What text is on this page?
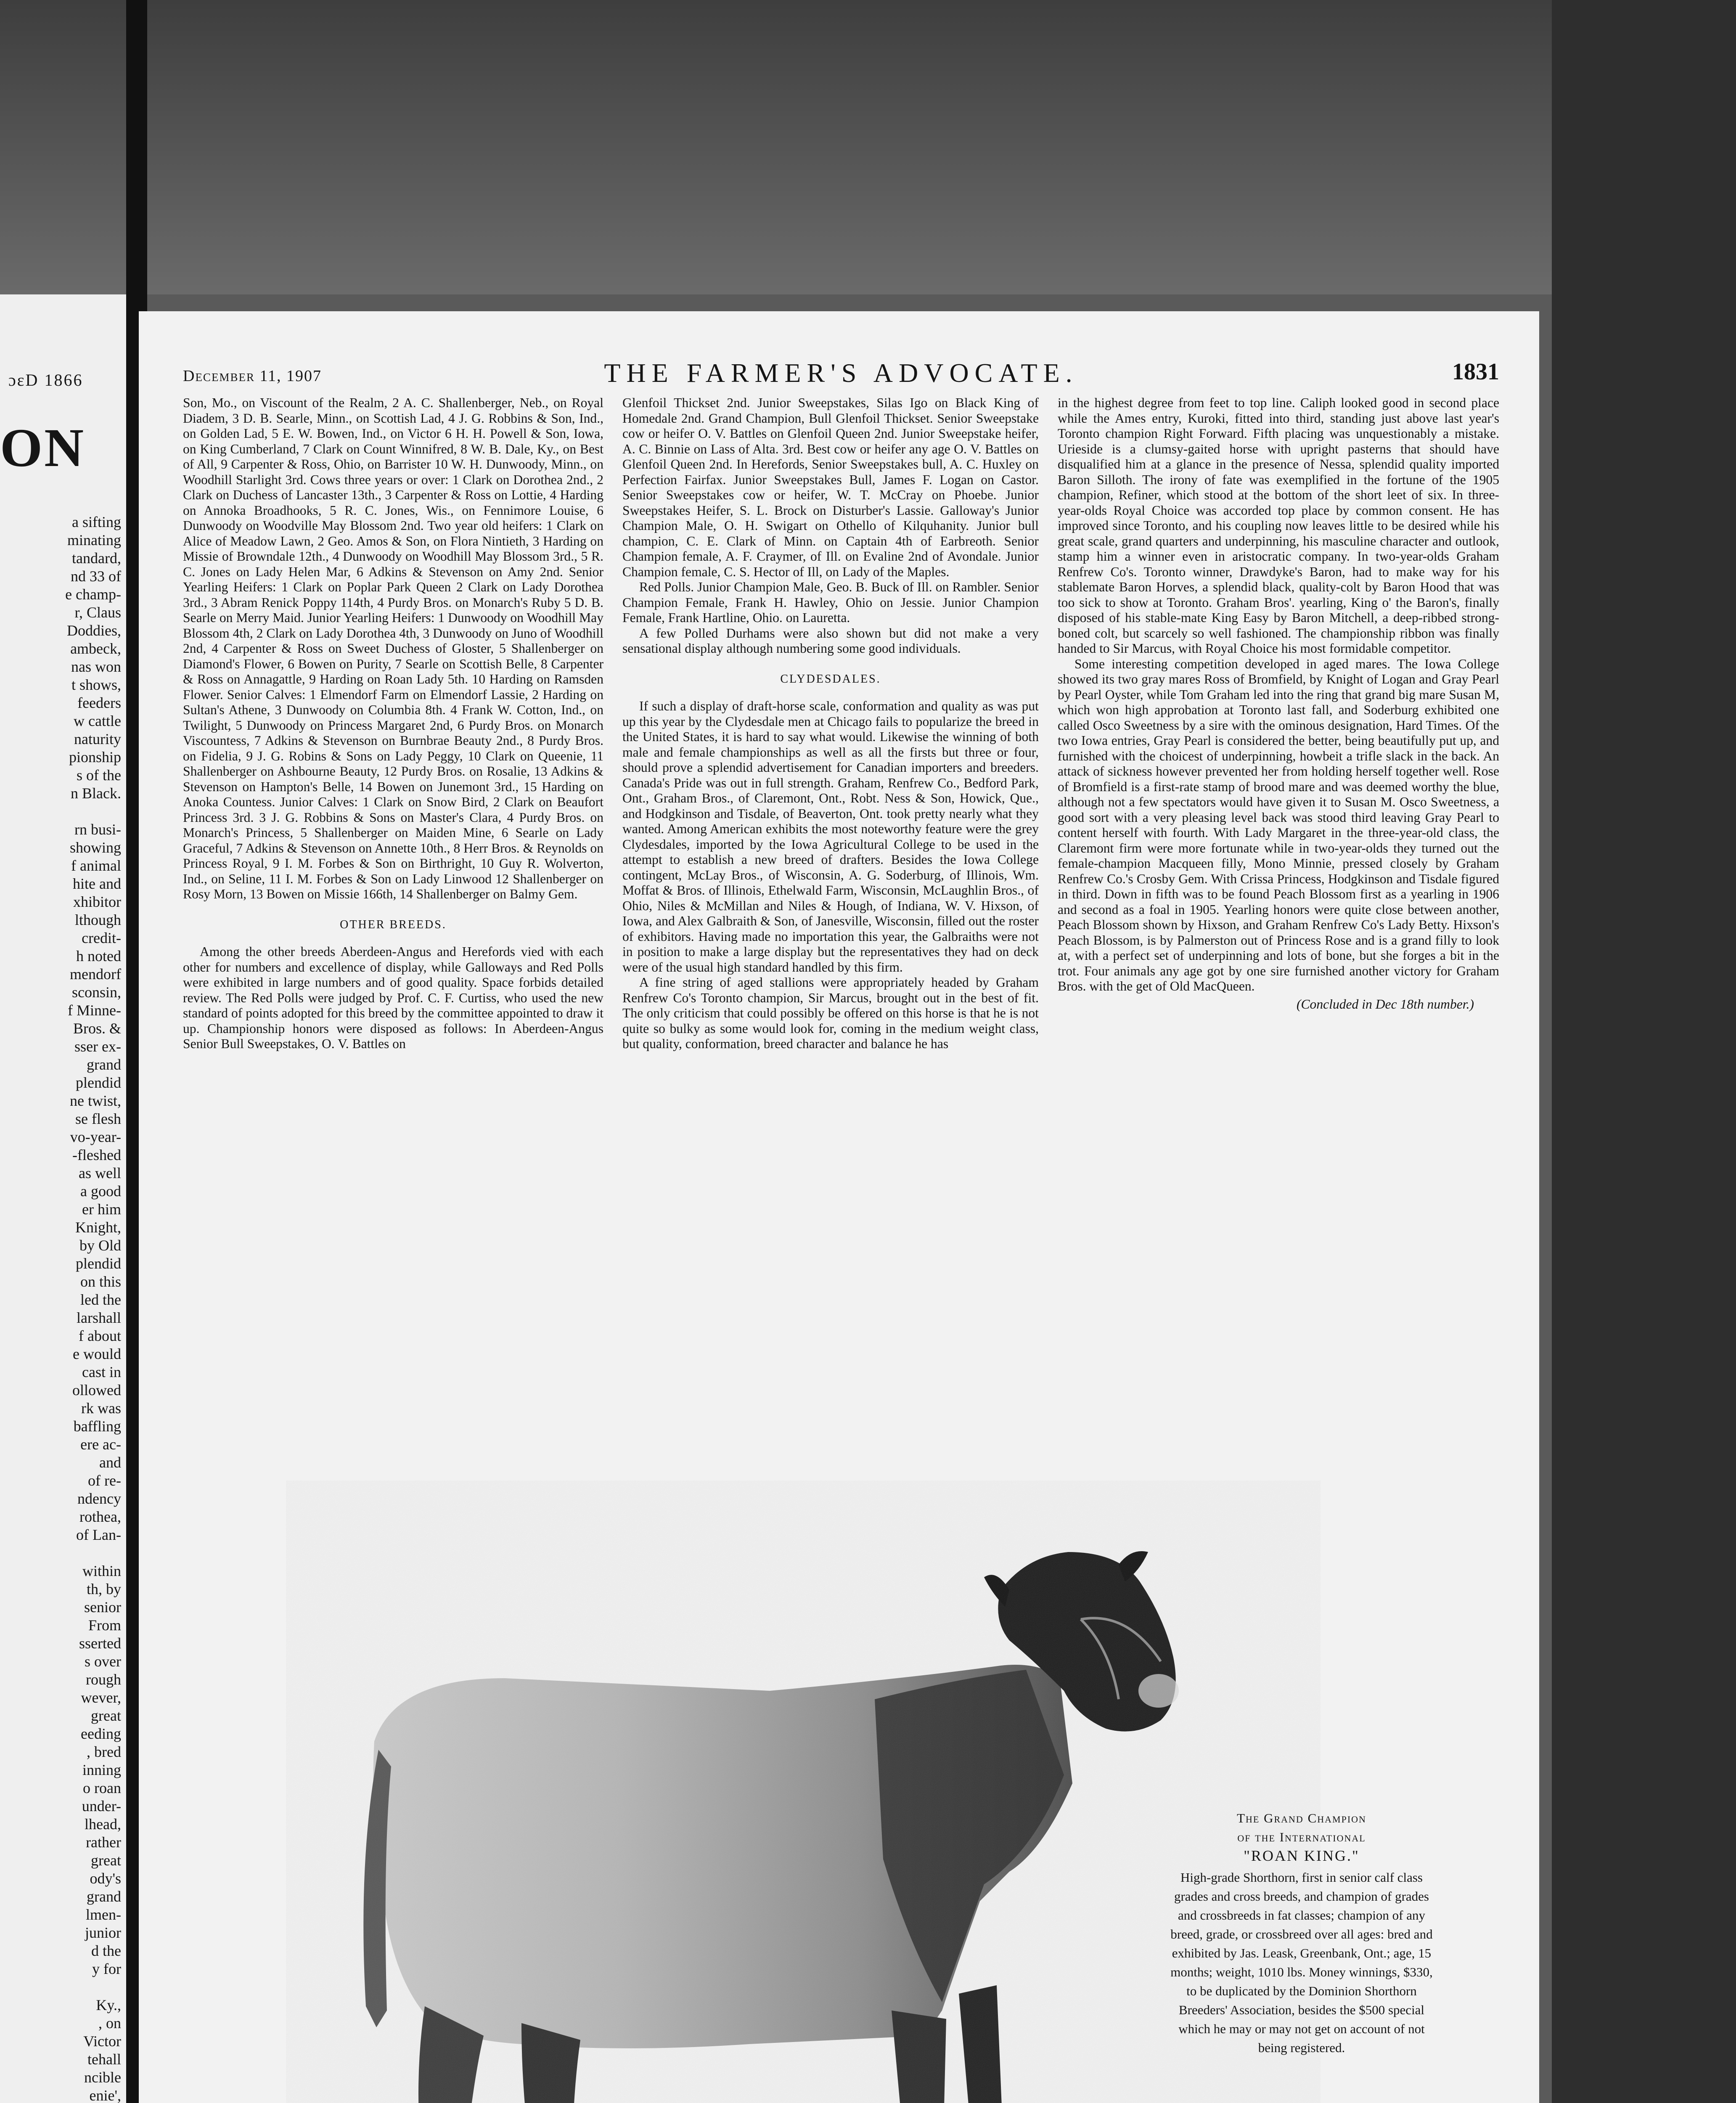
ɔɛD 1866
ON
a sifting
minating
tandard,
nd 33 of
e champ-
r, Claus
Doddies,
ambeck,
nas won
t shows,
feeders
w cattle
naturity
pionship
s of the
n Black.

rn busi-
showing
f animal
hite and
xhibitor
lthough
credit-
h noted
mendorf
sconsin,
f Minne-
Bros. &
sser ex-
grand
plendid
ne twist,
se flesh
vo-year-
-fleshed
as well
a good
er him
Knight,
by Old
plendid
on this
led the
larshall
f about
e would
cast in
ollowed
rk was
baffling
ere ac-
and
of re-
ndency
rothea,
of Lan-

within
th, by
senior
From
sserted
s over
rough
wever,
great
eeding
, bred
inning
o roan
under-
lhead,
rather
great
ody's
grand
lmen-
junior
d the
y for

Ky.,
, on
Victor
tehall
ncible
enie',
December 11, 1907	THE FARMER'S ADVOCATE.	1831

Son, Mo., on Viscount of the Realm, 2 A. C. Shallenberger, Neb., on Royal Diadem, 3 D. B. Searle, Minn., on Scottish Lad, 4 J. G. Robbins & Son, Ind., on Golden Lad, 5 E. W. Bowen, Ind., on Victor 6 H. H. Powell & Son, Iowa, on King Cumberland, 7 Clark on Count Winnifred, 8 W. B. Dale, Ky., on Best of All, 9 Carpenter & Ross, Ohio, on Barrister 10 W. H. Dunwoody, Minn., on Woodhill Starlight 3rd. Cows three years or over: 1 Clark on Dorothea 2nd., 2 Clark on Duchess of Lancaster 13th., 3 Carpenter & Ross on Lottie, 4 Harding on Annoka Broadhooks, 5 R. C. Jones, Wis., on Fennimore Louise, 6 Dunwoody on Woodville May Blossom 2nd. Two year old heifers: 1 Clark on Alice of Meadow Lawn, 2 Geo. Amos & Son, on Flora Nintieth, 3 Harding on Missie of Browndale 12th., 4 Dunwoody on Woodhill May Blossom 3rd., 5 R. C. Jones on Lady Helen Mar, 6 Adkins & Stevenson on Amy 2nd. Senior Yearling Heifers: 1 Clark on Poplar Park Queen 2 Clark on Lady Dorothea 3rd., 3 Abram Renick Poppy 114th, 4 Purdy Bros. on Monarch's Ruby 5 D. B. Searle on Merry Maid. Junior Yearling Heifers: 1 Dunwoody on Woodhill May Blossom 4th, 2 Clark on Lady Dorothea 4th, 3 Dunwoody on Juno of Woodhill 2nd, 4 Carpenter & Ross on Sweet Duchess of Gloster, 5 Shallenberger on Diamond's Flower, 6 Bowen on Purity, 7 Searle on Scottish Belle, 8 Carpenter & Ross on Annagattle, 9 Harding on Roan Lady 5th. 10 Harding on Ramsden Flower. Senior Calves: 1 Elmendorf Farm on Elmendorf Lassie, 2 Harding on Sultan's Athene, 3 Dunwoody on Columbia 8th. 4 Frank W. Cotton, Ind., on Twilight, 5 Dunwoody on Princess Margaret 2nd, 6 Purdy Bros. on Monarch Viscountess, 7 Adkins & Stevenson on Burnbrae Beauty 2nd., 8 Purdy Bros. on Fidelia, 9 J. G. Robins & Sons on Lady Peggy, 10 Clark on Queenie, 11 Shallenberger on Ashbourne Beauty, 12 Purdy Bros. on Rosalie, 13 Adkins & Stevenson on Hampton's Belle, 14 Bowen on Junemont 3rd., 15 Harding on Anoka Countess. Junior Calves: 1 Clark on Snow Bird, 2 Clark on Beaufort Princess 3rd. 3 J. G. Robbins & Sons on Master's Clara, 4 Purdy Bros. on Monarch's Princess, 5 Shallenberger on Maiden Mine, 6 Searle on Lady Graceful, 7 Adkins & Stevenson on Annette 10th., 8 Herr Bros. & Reynolds on Princess Royal, 9 I. M. Forbes & Son on Birthright, 10 Guy R. Wolverton, Ind., on Seline, 11 I. M. Forbes & Son on Lady Linwood 12 Shallenberger on Rosy Morn, 13 Bowen on Missie 166th, 14 Shallenberger on Balmy Gem.

OTHER BREEDS.

Among the other breeds Aberdeen-Angus and Herefords vied with each other for numbers and excellence of display, while Galloways and Red Polls were exhibited in large numbers and of good quality. Space forbids detailed review. The Red Polls were judged by Prof. C. F. Curtiss, who used the new standard of points adopted for this breed by the committee appointed to draw it up. Championship honors were disposed as follows: In Aberdeen-Angus Senior Bull Sweepstakes, O. V. Battles on

Glenfoil Thickset 2nd. Junior Sweepstakes, Silas Igo on Black King of Homedale 2nd. Grand Champion, Bull Glenfoil Thickset. Senior Sweepstake cow or heifer O. V. Battles on Glenfoil Queen 2nd. Junior Sweepstake heifer, A. C. Binnie on Lass of Alta. 3rd. Best cow or heifer any age O. V. Battles on Glenfoil Queen 2nd. In Herefords, Senior Sweepstakes bull, A. C. Huxley on Perfection Fairfax. Junior Sweepstakes Bull, James F. Logan on Castor. Senior Sweepstakes cow or heifer, W. T. McCray on Phoebe. Junior Sweepstakes Heifer, S. L. Brock on Disturber's Lassie. Galloway's Junior Champion Male, O. H. Swigart on Othello of Kilquhanity. Junior bull champion, C. E. Clark of Minn. on Captain 4th of Earbreoth. Senior Champion female, A. F. Craymer, of Ill. on Evaline 2nd of Avondale. Junior Champion female, C. S. Hector of Ill, on Lady of the Maples.

Red Polls. Junior Champion Male, Geo. B. Buck of Ill. on Rambler. Senior Champion Female, Frank H. Hawley, Ohio on Jessie. Junior Champion Female, Frank Hartline, Ohio. on Lauretta.

A few Polled Durhams were also shown but did not make a very sensational display although numbering some good individuals.

CLYDESDALES.

If such a display of draft-horse scale, conformation and quality as was put up this year by the Clydesdale men at Chicago fails to popularize the breed in the United States, it is hard to say what would. Likewise the winning of both male and female championships as well as all the firsts but three or four, should prove a splendid advertisement for Canadian importers and breeders. Canada's Pride was out in full strength. Graham, Renfrew Co., Bedford Park, Ont., Graham Bros., of Claremont, Ont., Robt. Ness & Son, Howick, Que., and Hodgkinson and Tisdale, of Beaverton, Ont. took pretty nearly what they wanted. Among American exhibits the most noteworthy feature were the grey Clydesdales, imported by the Iowa Agricultural College to be used in the attempt to establish a new breed of drafters. Besides the Iowa College contingent, McLay Bros., of Wisconsin, A. G. Soderburg, of Illinois, Wm. Moffat & Bros. of Illinois, Ethelwald Farm, Wisconsin, McLaughlin Bros., of Ohio, Niles & McMillan and Niles & Hough, of Indiana, W. V. Hixson, of Iowa, and Alex Galbraith & Son, of Janesville, Wisconsin, filled out the roster of exhibitors. Having made no importation this year, the Galbraiths were not in position to make a large display but the representatives they had on deck were of the usual high standard handled by this firm.

A fine string of aged stallions were appropriately headed by Graham Renfrew Co's Toronto champion, Sir Marcus, brought out in the best of fit. The only criticism that could possibly be offered on this horse is that he is not quite so bulky as some would look for, coming in the medium weight class, but quality, conformation, breed character and balance he has

in the highest degree from feet to top line. Caliph looked good in second place while the Ames entry, Kuroki, fitted into third, standing just above last year's Toronto champion Right Forward. Fifth placing was unquestionably a mistake. Urieside is a clumsy-gaited horse with upright pasterns that should have disqualified him at a glance in the presence of Nessa, splendid quality imported Baron Silloth. The irony of fate was exemplified in the fortune of the 1905 champion, Refiner, which stood at the bottom of the short leet of six. In three-year-olds Royal Choice was accorded top place by common consent. He has improved since Toronto, and his coupling now leaves little to be desired while his great scale, grand quarters and underpinning, his masculine character and outlook, stamp him a winner even in aristocratic company. In two-year-olds Graham Renfrew Co's. Toronto winner, Drawdyke's Baron, had to make way for his stablemate Baron Horves, a splendid black, quality-colt by Baron Hood that was too sick to show at Toronto. Graham Bros'. yearling, King o' the Baron's, finally disposed of his stable-mate King Easy by Baron Mitchell, a deep-ribbed strong-boned colt, but scarcely so well fashioned. The championship ribbon was finally handed to Sir Marcus, with Royal Choice his most formidable competitor.

Some interesting competition developed in aged mares. The Iowa College showed its two gray mares Ross of Bromfield, by Knight of Logan and Gray Pearl by Pearl Oyster, while Tom Graham led into the ring that grand big mare Susan M, which won high approbation at Toronto last fall, and Soderburg exhibited one called Osco Sweetness by a sire with the ominous designation, Hard Times. Of the two Iowa entries, Gray Pearl is considered the better, being beautifully put up, and furnished with the choicest of underpinning, howbeit a trifle slack in the back. An attack of sickness however prevented her from holding herself together well. Rose of Bromfield is a first-rate stamp of brood mare and was deemed worthy the blue, although not a few spectators would have given it to Susan M. Osco Sweetness, a good sort with a very pleasing level back was stood third leaving Gray Pearl to content herself with fourth. With Lady Margaret in the three-year-old class, the Claremont firm were more fortunate while in two-year-olds they turned out the female-champion Macqueen filly, Mono Minnie, pressed closely by Graham Renfrew Co.'s Crosby Gem. With Crissa Princess, Hodgkinson and Tisdale figured in third. Down in fifth was to be found Peach Blossom first as a yearling in 1906 and second as a foal in 1905. Yearling honors were quite close between another, Peach Blossom shown by Hixson, and Graham Renfrew Co's Lady Betty. Hixson's Peach Blossom, is by Palmerston out of Princess Rose and is a grand filly to look at, with a perfect set of underpinning and lots of bone, but she forges a bit in the trot. Four animals any age got by one sire furnished another victory for Graham Bros. with the get of Old MacQueen.

(Concluded in Dec 18th number.)
The Grand Champion
of the International
"ROAN KING."
High-grade Shorthorn, first in senior calf class grades and cross breeds, and champion of grades and crossbreeds in fat classes; champion of any breed, grade, or crossbreed over all ages: bred and exhibited by Jas. Leask, Greenbank, Ont.; age, 15 months; weight, 1010 lbs. Money winnings, $330, to be duplicated by the Dominion Shorthorn Breeders' Association, besides the $500 special which he may or may not get on account of not being registered.
